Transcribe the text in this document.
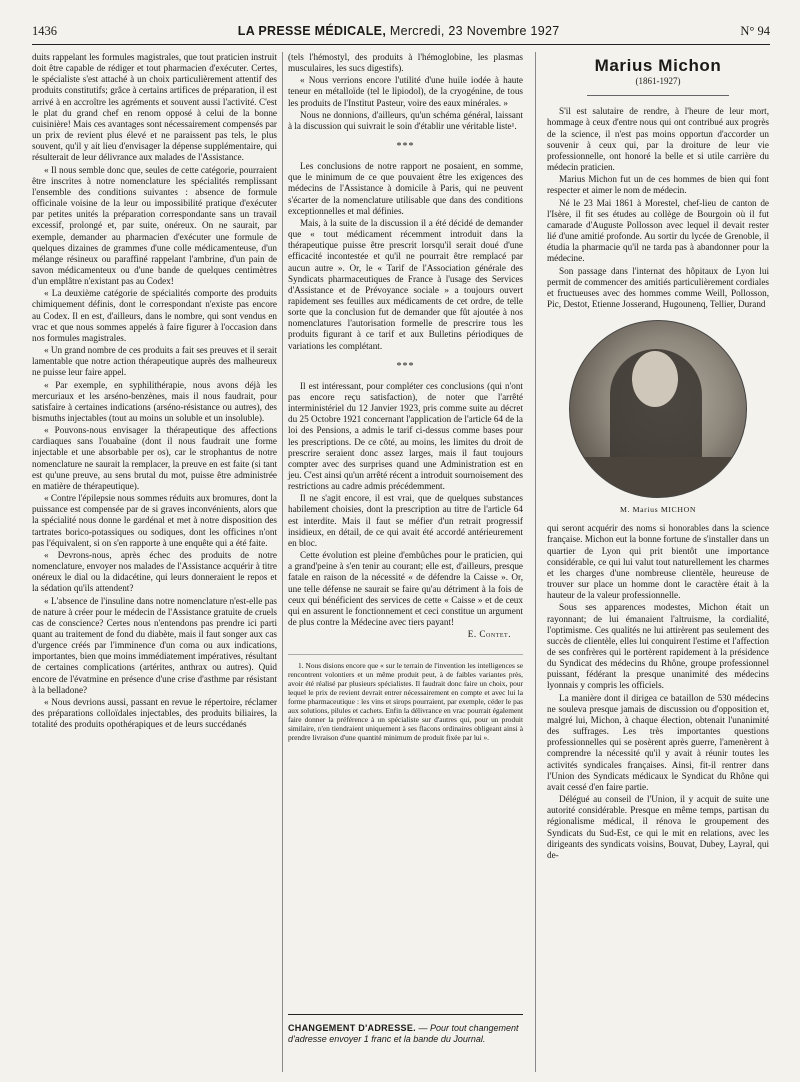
1436	LA PRESSE MÉDICALE, Mercredi, 23 Novembre 1927	N° 94

duits rappelant les formules magistrales, que tout praticien instruit doit être capable de rédiger et tout pharmacien d'exécuter. Certes, le spécialiste s'est attaché à un choix particulièrement attentif des produits constitutifs; grâce à certains artifices de préparation, il est arrivé à en accroître les agréments et souvent aussi l'activité. C'est le plat du grand chef en renom opposé à celui de la bonne cuisinière! Mais ces avantages sont nécessairement compensés par un prix de revient plus élevé et ne paraissent pas tels, le plus souvent, qu'il y ait lieu d'envisager la dépense supplémentaire, qui résulterait de leur délivrance aux malades de l'Assistance.

« Il nous semble donc que, seules de cette catégorie, pourraient être inscrites à notre nomenclature les spécialités remplissant l'ensemble des conditions suivantes : absence de formule officinale voisine de la leur ou impossibilité pratique d'exécuter par petites unités la préparation correspondante sans un travail excessif, prolongé et, par suite, onéreux. On ne saurait, par exemple, demander au pharmacien d'exécuter une formule de quelques dizaines de grammes d'une colle médicamenteuse, d'un mélange résineux ou paraffiné rappelant l'ambrine, d'un pain de savon médicamenteux ou d'une bande de quelques centimètres d'un emplâtre n'existant pas au Codex!

« La deuxième catégorie de spécialités comporte des produits chimiquement définis, dont le correspondant n'existe pas encore au Codex. Il en est, d'ailleurs, dans le nombre, qui sont vendus en vrac et que nous sommes appelés à faire figurer à l'occasion dans nos formules magistrales.

« Un grand nombre de ces produits a fait ses preuves et il serait lamentable que notre action thérapeutique auprès des malheureux ne puisse leur faire appel.

« Par exemple, en syphilithérapie, nous avons déjà les mercuriaux et les arséno-benzènes, mais il nous faudrait, pour satisfaire à certaines indications (arséno-résistance ou autres), des bismuths injectables (tout au moins un soluble et un insoluble).

« Pouvons-nous envisager la thérapeutique des affections cardiaques sans l'ouabaïne (dont il nous faudrait une forme injectable et une absorbable per os), car le strophantus de notre nomenclature ne saurait la remplacer, la preuve en est faite (si tant est qu'une preuve, au sens brutal du mot, puisse être administrée en matière de thérapeutique).

« Contre l'épilepsie nous sommes réduits aux bromures, dont la puissance est compensée par de si graves inconvénients, alors que la spécialité nous donne le gardénal et met à notre disposition des tartrates borico-potassiques ou sodiques, dont les officines n'ont pas l'équivalent, si on s'en rapporte à une enquête qui a été faite.

« Devrons-nous, après échec des produits de notre nomenclature, envoyer nos malades de l'Assistance acquérir à titre onéreux le dial ou la didacétine, qui leurs donneraient le repos et la sédation qu'ils attendent?

« L'absence de l'insuline dans notre nomenclature n'est-elle pas de nature à créer pour le médecin de l'Assistance gratuite de cruels cas de conscience? Certes nous n'entendons pas prendre ici parti quant au traitement de fond du diabète, mais il faut songer aux cas d'urgence créés par l'imminence d'un coma ou aux indications, importantes, bien que moins immédiatement impératives, résultant de certaines complications (artérites, anthrax ou autres). Quid encore de l'évatmine en présence d'une crise d'asthme par résistant à la belladone?

« Nous devrions aussi, passant en revue le répertoire, réclamer des préparations colloïdales injectables, des produits biliaires, la totalité des produits opothérapiques et de leurs succédanés

(tels l'hémostyl, des produits à l'hémoglobine, les plasmas musculaires, les sucs digestifs).

« Nous verrions encore l'utilité d'une huile iodée à haute teneur en métalloïde (tel le lipiodol), de la cryogénine, de tous les produits de l'Institut Pasteur, voire des eaux minérales. »

Nous ne donnions, d'ailleurs, qu'un schéma général, laissant à la discussion qui suivrait le soin d'établir une véritable liste¹.

***

Les conclusions de notre rapport ne posaient, en somme, que le minimum de ce que pouvaient être les exigences des médecins de l'Assistance à domicile à Paris, qui ne peuvent s'écarter de la nomenclature utilisable que dans des conditions exceptionnelles et mal définies.

Mais, à la suite de la discussion il a été décidé de demander que « tout médicament récemment introduit dans la thérapeutique puisse être prescrit lorsqu'il serait doué d'une efficacité incontestée et qu'il ne pourrait être remplacé par aucun autre ». Or, le « Tarif de l'Association générale des Syndicats pharmaceutiques de France à l'usage des Services d'Assistance et de Prévoyance sociale » a toujours ouvert rapidement ses feuilles aux médicaments de cet ordre, de telle sorte que la conclusion fut de demander que fût ajoutée à nos nomenclatures l'autorisation formelle de prescrire tous les produits figurant à ce tarif et aux Bulletins périodiques de variations les complétant.

***

Il est intéressant, pour compléter ces conclusions (qui n'ont pas encore reçu satisfaction), de noter que l'arrêté interministériel du 12 Janvier 1923, pris comme suite au décret du 25 Octobre 1921 concernant l'application de l'article 64 de la loi des Pensions, a admis le tarif ci-dessus comme bases pour les prescriptions. De ce côté, au moins, les limites du droit de prescrire seraient donc assez larges, mais il faut toujours compter avec des surprises quand une Administration est en jeu. C'est ainsi qu'un arrêté récent a introduit sournoisement des restrictions au cadre admis précédemment.

Il ne s'agit encore, il est vrai, que de quelques substances habilement choisies, dont la prescription au titre de l'article 64 est interdite. Mais il faut se méfier d'un retrait progressif insidieux, en détail, de ce qui avait été accordé antérieurement en bloc.

Cette évolution est pleine d'embûches pour le praticien, qui a grand'peine à s'en tenir au courant; elle est, d'ailleurs, presque fatale en raison de la nécessité « de défendre la Caisse ». Or, une telle défense ne saurait se faire qu'au détriment à la fois de ceux qui bénéficient des services de cette « Caisse » et de ceux qui en assurent le fonctionnement et ceci constitue un argument de plus contre la Médecine avec tiers payant!

E. Contet.

1. Nous disions encore que « sur le terrain de l'invention les intelligences se rencontrent volontiers et un même produit peut, à de faibles variantes près, avoir été réalisé par plusieurs spécialistes. Il faudrait donc faire un choix, pour lequel le prix de revient devrait entrer nécessairement en compte et avec lui la forme pharmaceutique : les vins et sirops pourraient, par exemple, céder le pas aux solutions, pilules et cachets. Enfin la délivrance en vrac pourrait également faire donner la préférence à un spécialiste sur d'autres qui, pour un produit similaire, n'en tiendraient uniquement à ses flacons ordinaires obligeant ainsi à prendre livraison d'une quantité minimum de produit fixée par lui ».

CHANGEMENT D'ADRESSE. — Pour tout changement d'adresse envoyer 1 franc et la bande du Journal.
Marius Michon
(1861-1927)

S'il est salutaire de rendre, à l'heure de leur mort, hommage à ceux d'entre nous qui ont contribué aux progrès de la science, il n'est pas moins opportun d'accorder un souvenir à ceux qui, par la droiture de leur vie professionnelle, ont honoré la belle et si utile carrière du médecin praticien.

Marius Michon fut un de ces hommes de bien qui font respecter et aimer le nom de médecin.

Né le 23 Mai 1861 à Morestel, chef-lieu de canton de l'Isère, il fit ses études au collège de Bourgoin où il fut camarade d'Auguste Pollosson avec lequel il devait rester lié d'une amitié profonde. Au sortir du lycée de Grenoble, il étudia la pharmacie qu'il ne tarda pas à abandonner pour la médecine.

Son passage dans l'internat des hôpitaux de Lyon lui permit de commencer des amitiés particulièrement cordiales et fructueuses avec des hommes comme Weill, Pollosson, Pic, Destot, Etienne Josserand, Hugounenq, Tellier, Durand

M. Marius MICHON

qui seront acquérir des noms si honorables dans la science française. Michon eut la bonne fortune de s'installer dans un quartier de Lyon qui prit bientôt une importance considérable, ce qui lui valut tout naturellement les charmes et les charges d'une nombreuse clientèle, heureuse de trouver sur place un homme dont le caractère était à la hauteur de la valeur professionnelle.

Sous ses apparences modestes, Michon était un rayonnant; de lui émanaient l'altruisme, la cordialité, l'optimisme. Ces qualités ne lui attirèrent pas seulement des succès de clientèle, elles lui conquirent l'estime et l'affection de ses confrères qui le portèrent rapidement à la présidence du Syndicat des médecins du Rhône, groupe professionnel puissant, fédérant la presque unanimité des médecins lyonnais y compris les officiels.

La manière dont il dirigea ce bataillon de 530 médecins ne souleva presque jamais de discussion ou d'opposition et, malgré lui, Michon, à chaque élection, obtenait l'unanimité des suffrages. Les très importantes questions professionnelles qui se posèrent après guerre, l'amenèrent à comprendre la nécessité qu'il y avait à réunir toutes les activités syndicales françaises. Ainsi, fit-il rentrer dans l'Union des Syndicats médicaux le Syndicat du Rhône qui avait cessé d'en faire partie.

Délégué au conseil de l'Union, il y acquit de suite une autorité considérable. Presque en même temps, partisan du régionalisme médical, il rénova le groupement des Syndicats du Sud-Est, ce qui le mit en relations, avec les dirigeants des syndicats voisins, Bouvat, Dubey, Layral, qui de-
